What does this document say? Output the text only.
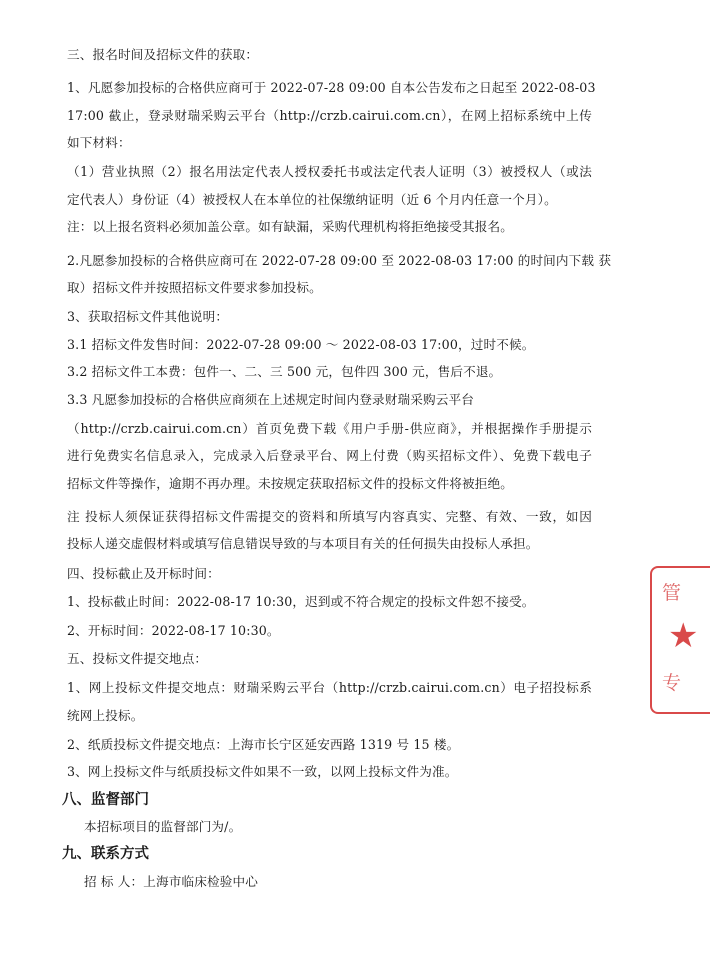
三、报名时间及招标文件的获取：
1、凡愿参加投标的合格供应商可于 2022-07-28 09:00 自本公告发布之日起至 2022-08-03
17:00 截止，登录财瑞采购云平台（http://crzb.cairui.com.cn），在网上招标系统中上传
如下材料：
（1）营业执照（2）报名用法定代表人授权委托书或法定代表人证明（3）被授权人（或法
定代表人）身份证（4）被授权人在本单位的社保缴纳证明（近 6 个月内任意一个月）。
注：以上报名资料必须加盖公章。如有缺漏，采购代理机构将拒绝接受其报名。
2.凡愿参加投标的合格供应商可在 2022-07-28 09:00 至 2022-08-03 17:00 的时间内下载 获
取）招标文件并按照招标文件要求参加投标。
3、获取招标文件其他说明：
3.1 招标文件发售时间：2022-07-28 09:00 ～ 2022-08-03 17:00，过时不候。
3.2 招标文件工本费：包件一、二、三 500 元，包件四 300 元，售后不退。
3.3 凡愿参加投标的合格供应商须在上述规定时间内登录财瑞采购云平台
（http://crzb.cairui.com.cn）首页免费下载《用户手册-供应商》，并根据操作手册提示
进行免费实名信息录入，完成录入后登录平台、网上付费（购买招标文件）、免费下载电子
招标文件等操作，逾期不再办理。未按规定获取招标文件的投标文件将被拒绝。
注 投标人须保证获得招标文件需提交的资料和所填写内容真实、完整、有效、一致，如因
投标人递交虚假材料或填写信息错误导致的与本项目有关的任何损失由投标人承担。
四、投标截止及开标时间：
1、投标截止时间：2022-08-17 10:30，迟到或不符合规定的投标文件恕不接受。
2、开标时间：2022-08-17 10:30。
五、投标文件提交地点：
1、网上投标文件提交地点：财瑞采购云平台（http://crzb.cairui.com.cn）电子招投标系
统网上投标。
2、纸质投标文件提交地点：上海市长宁区延安西路 1319 号 15 楼。
3、网上投标文件与纸质投标文件如果不一致，以网上投标文件为准。
八、监督部门
本招标项目的监督部门为/。
九、联系方式
招 标 人：上海市临床检验中心
管
★
专
